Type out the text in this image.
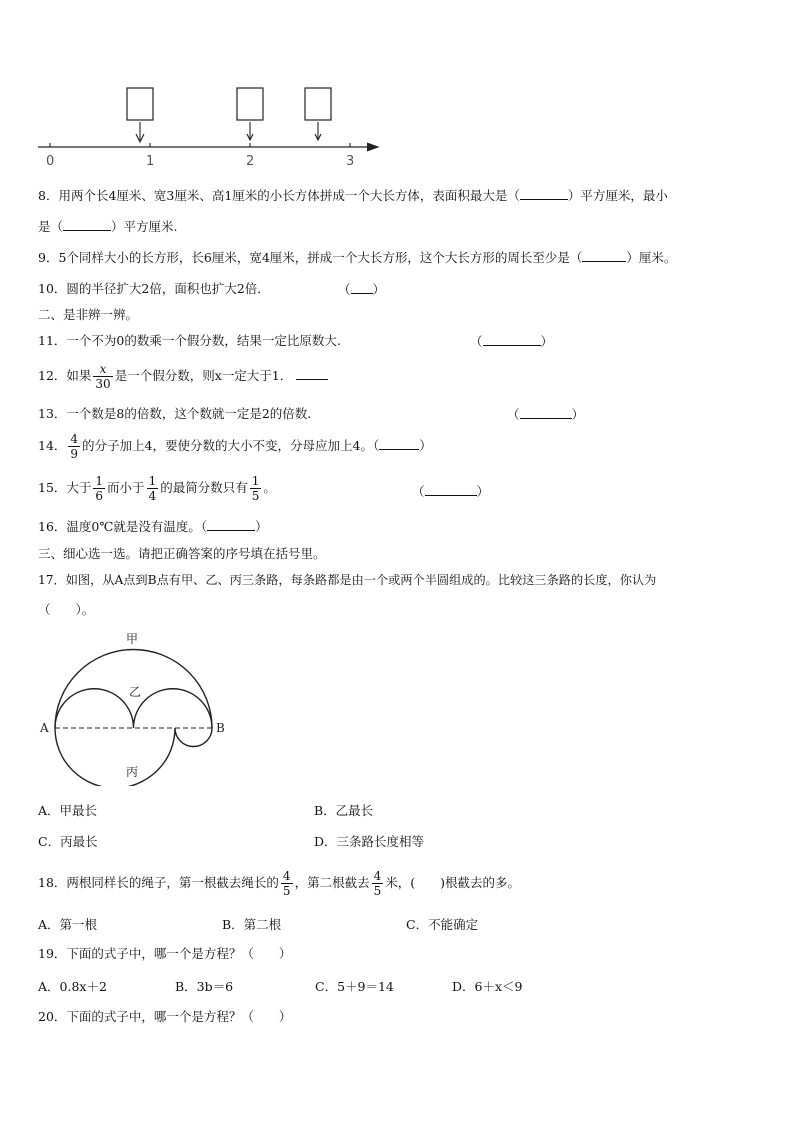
0	1	2	3
8．用两个长4厘米、宽3厘米、高1厘米的小长方体拼成一个大长方体，表面积最大是（	）平方厘米，最小
是（	）平方厘米.
9．5个同样大小的长方形，长6厘米，宽4厘米，拼成一个大长方形，这个大长方形的周长至少是（	）厘米。
10．圆的半径扩大2倍，面积也扩大2倍．	（ ）
二、是非辨一辨。
11．一个不为0的数乘一个假分数，结果一定比原数大.	（	）
12．如果 $\frac{x}{30}$ 是一个假分数，则x一定大于1．
13．一个数是8的倍数，这个数就一定是2的倍数.	（	）
14． $\frac{4}{9}$ 的分子加上4，要使分数的大小不变，分母应加上4。（	）
15．大于 $\frac{1}{6}$ 而小于 $\frac{1}{4}$ 的最简分数只有 $\frac{1}{5}$ 。	（	）
16．温度0℃就是没有温度。（	）
三、细心选一选。请把正确答案的序号填在括号里。
17．如图，从A点到B点有甲、乙、丙三条路，每条路都是由一个或两个半圆组成的。比较这三条路的长度，你认为
（　　）。
甲
乙
丙
A	B
A．甲最长	B．乙最长
C．丙最长	D．三条路长度相等
18．两根同样长的绳子，第一根截去绳长的 $\frac{4}{5}$ ，第二根截去 $\frac{4}{5}$ 米，(　　)根截去的多。
A．第一根	B．第二根	C．不能确定
19．下面的式子中，哪一个是方程？（　　）
A．0.8x＋2	B．3b＝6	C．5＋9＝14	D．6＋x＜9
20．下面的式子中，哪一个是方程？（　　）
